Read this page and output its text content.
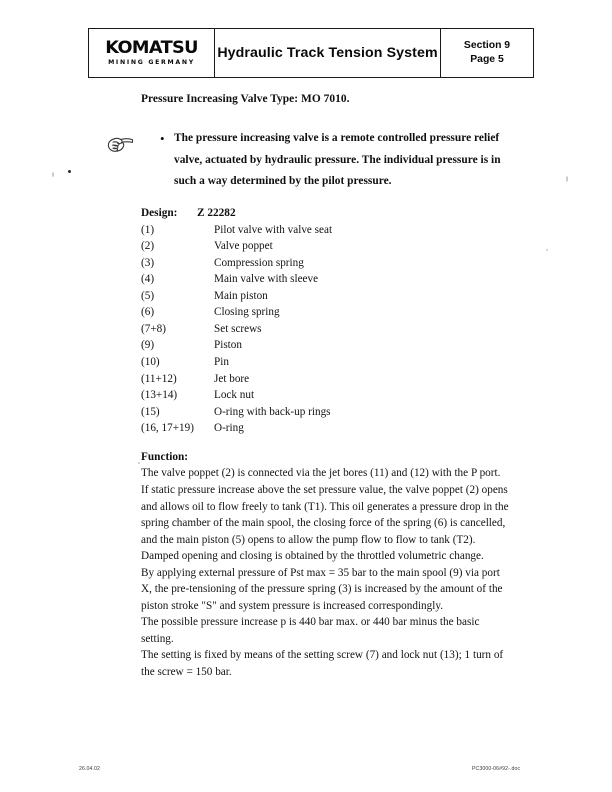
KOMATSU
MINING GERMANY
Hydraulic Track Tension System	Section 9
Page 5
Pressure Increasing Valve Type: MO 7010.
• The pressure increasing valve is a remote controlled pressure relief valve, actuated by hydraulic pressure. The individual pressure is in such a way determined by the pilot pressure.
Design:	Z 22282
(1)	Pilot valve with valve seat
(2)	Valve poppet
(3)	Compression spring
(4)	Main valve with sleeve
(5)	Main piston
(6)	Closing spring
(7+8)	Set screws
(9)	Piston
(10)	Pin
(11+12)	Jet bore
(13+14)	Lock nut
(15)	O-ring with back-up rings
(16, 17+19)	O-ring
Function:
The valve poppet (2) is connected via the jet bores (11) and (12) with the P port.
If static pressure increase above the set pressure value, the valve poppet (2) opens and allows oil to flow freely to tank (T1). This oil generates a pressure drop in the spring chamber of the main spool, the closing force of the spring (6) is cancelled, and the main piston (5) opens to allow the pump flow to flow to tank (T2).
Damped opening and closing is obtained by the throttled volumetric change.
By applying external pressure of Pst max = 35 bar to the main spool (9) via port X, the pre-tensioning of the pressure spring (3) is increased by the amount of the piston stroke "S" and system pressure is increased correspondingly.
The possible pressure increase p is 440 bar max. or 440 bar minus the basic setting.
The setting is fixed by means of the setting screw (7) and lock nut (13); 1 turn of the screw = 150 bar.
26.04.02	PC3000-06#92-.doc
